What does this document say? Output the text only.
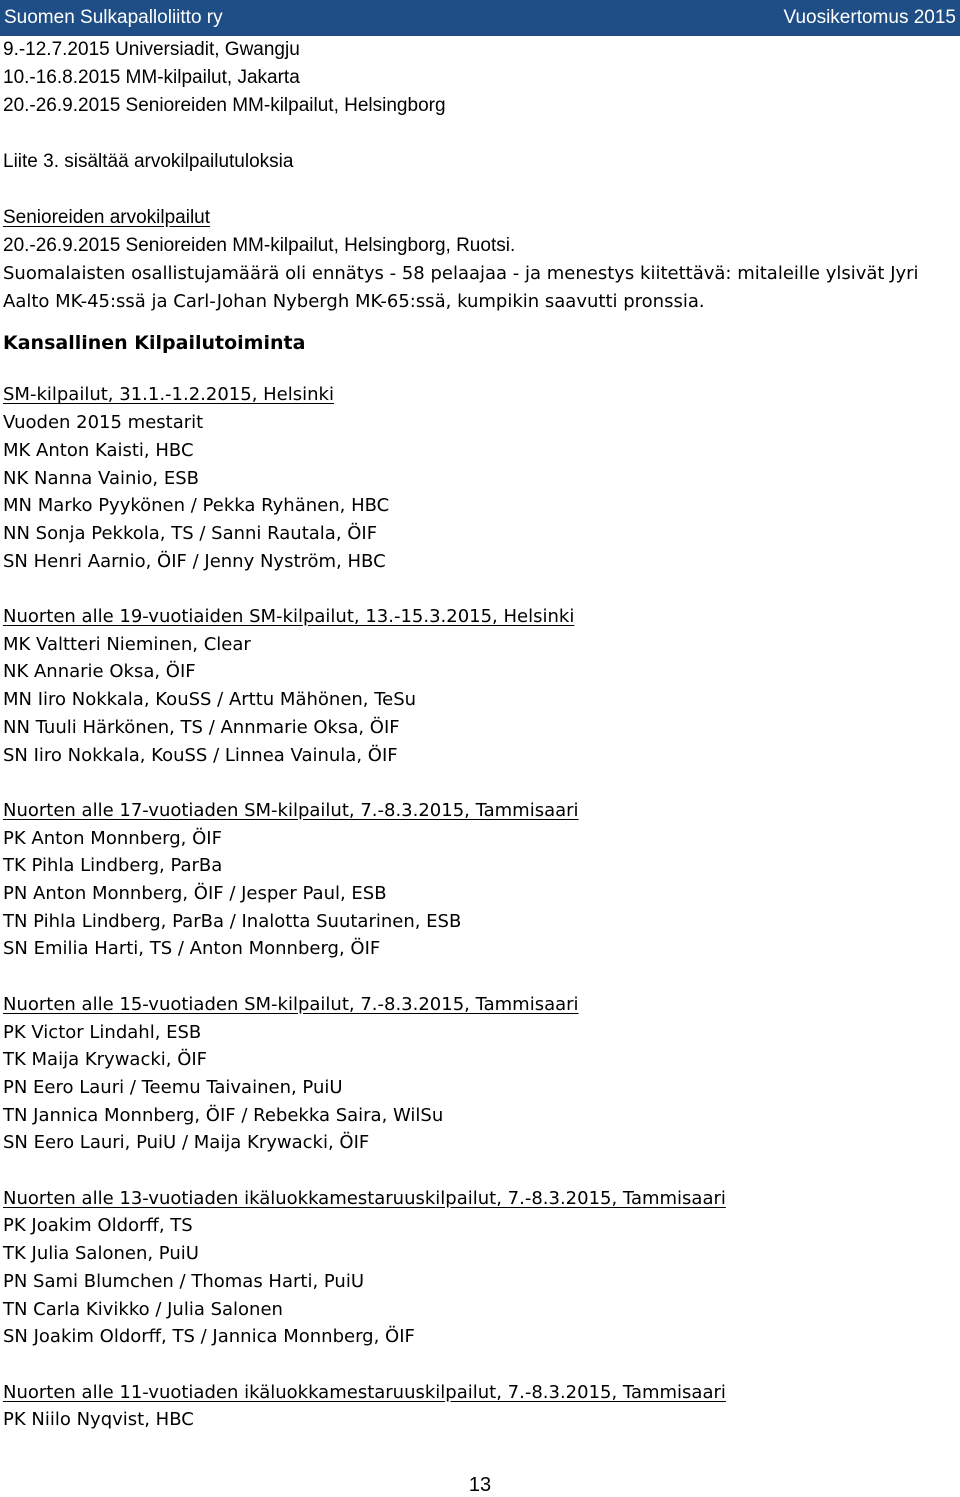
Suomen Sulkapalloliitto ry	Vuosikertomus 2015
9.-12.7.2015 Universiadit, Gwangju
10.-16.8.2015 MM-kilpailut, Jakarta
20.-26.9.2015 Senioreiden MM-kilpailut, Helsingborg
Liite 3. sisältää arvokilpailutuloksia
Senioreiden arvokilpailut
20.-26.9.2015 Senioreiden MM-kilpailut, Helsingborg, Ruotsi.
Suomalaisten osallistujamäärä oli ennätys - 58 pelaajaa - ja menestys kiitettävä: mitaleille ylsivät Jyri
Aalto MK-45:ssä ja Carl-Johan Nybergh MK-65:ssä, kumpikin saavutti pronssia.
Kansallinen Kilpailutoiminta
SM-kilpailut, 31.1.-1.2.2015, Helsinki
Vuoden 2015 mestarit
MK Anton Kaisti, HBC
NK Nanna Vainio, ESB
MN Marko Pyykönen / Pekka Ryhänen, HBC
NN Sonja Pekkola, TS / Sanni Rautala, ÖIF
SN Henri Aarnio, ÖIF / Jenny Nyström, HBC
Nuorten alle 19-vuotiaiden SM-kilpailut, 13.-15.3.2015, Helsinki
MK Valtteri Nieminen, Clear
NK Annarie Oksa, ÖIF
MN Iiro Nokkala, KouSS / Arttu Mähönen, TeSu
NN Tuuli Härkönen, TS / Annmarie Oksa, ÖIF
SN Iiro Nokkala, KouSS / Linnea Vainula, ÖIF
Nuorten alle 17-vuotiaden SM-kilpailut, 7.-8.3.2015, Tammisaari
PK Anton Monnberg, ÖIF
TK Pihla Lindberg, ParBa
PN Anton Monnberg, ÖIF / Jesper Paul, ESB
TN Pihla Lindberg, ParBa / Inalotta Suutarinen, ESB
SN Emilia Harti, TS / Anton Monnberg, ÖIF
Nuorten alle 15-vuotiaden SM-kilpailut, 7.-8.3.2015, Tammisaari
PK Victor Lindahl, ESB
TK Maija Krywacki, ÖIF
PN Eero Lauri / Teemu Taivainen, PuiU
TN Jannica Monnberg, ÖIF / Rebekka Saira, WilSu
SN Eero Lauri, PuiU / Maija Krywacki, ÖIF
Nuorten alle 13-vuotiaden ikäluokkamestaruuskilpailut, 7.-8.3.2015, Tammisaari
PK Joakim Oldorff, TS
TK Julia Salonen, PuiU
PN Sami Blumchen / Thomas Harti, PuiU
TN Carla Kivikko / Julia Salonen
SN Joakim Oldorff, TS / Jannica Monnberg, ÖIF
Nuorten alle 11-vuotiaden ikäluokkamestaruuskilpailut, 7.-8.3.2015, Tammisaari
PK Niilo Nyqvist, HBC
13
